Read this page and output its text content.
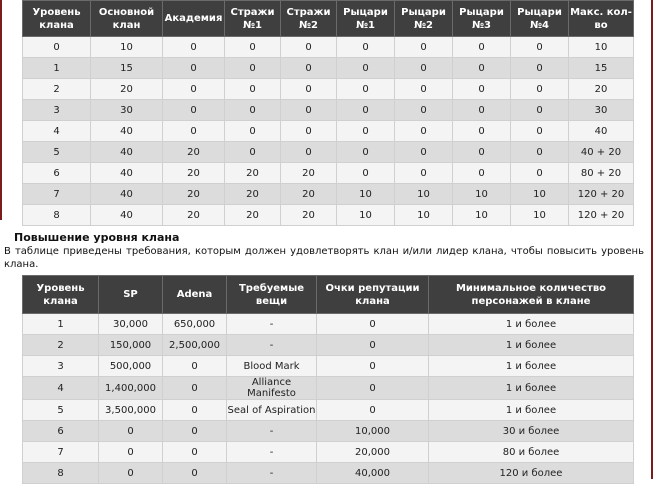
Уровень клана	Основной клан	Академия	Стражи №1	Стражи №2	Рыцари №1	Рыцари №2	Рыцари №3	Рыцари №4	Макс. кол-во
0	10	0	0	0	0	0	0	0	10
1	15	0	0	0	0	0	0	0	15
2	20	0	0	0	0	0	0	0	20
3	30	0	0	0	0	0	0	0	30
4	40	0	0	0	0	0	0	0	40
5	40	20	0	0	0	0	0	0	40 + 20
6	40	20	20	20	0	0	0	0	80 + 20
7	40	20	20	20	10	10	10	10	120 + 20
8	40	20	20	20	10	10	10	10	120 + 20
Повышение уровня клана
В таблице приведены требования, которым должен удовлетворять клан и/или лидер клана, чтобы повысить уровень клана.
Уровень клана	SP	Adena	Требуемые вещи	Очки репутации клана	Минимальное количество персонажей в клане
1	30,000	650,000	-	0	1 и более
2	150,000	2,500,000	-	0	1 и более
3	500,000	0	Blood Mark	0	1 и более
4	1,400,000	0	Alliance Manifesto	0	1 и более
5	3,500,000	0	Seal of Aspiration	0	1 и более
6	0	0	-	10,000	30 и более
7	0	0	-	20,000	80 и более
8	0	0	-	40,000	120 и более
